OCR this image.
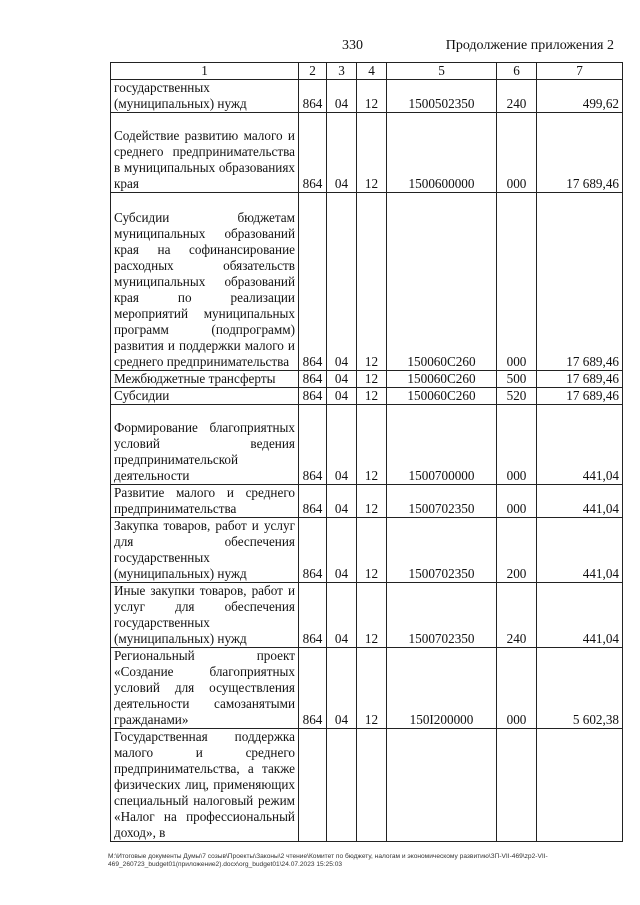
330	Продолжение приложения 2
1	2	3	4	5	6	7
государственных (муниципальных) нужд	864	04	12	1500502350	240	499,62
Содействие развитию малого и среднего предпринимательства в муниципальных образованиях края	864	04	12	1500600000	000	17 689,46
Субсидии бюджетам муниципальных образований края на софинансирование расходных обязательств муниципальных образований края по реализации мероприятий муниципальных программ (подпрограмм) развития и поддержки малого и среднего предпринимательства	864	04	12	150060С260	000	17 689,46
Межбюджетные трансферты	864	04	12	150060С260	500	17 689,46
Субсидии	864	04	12	150060С260	520	17 689,46
Формирование благоприятных условий ведения предпринимательской деятельности	864	04	12	1500700000	000	441,04
Развитие малого и среднего предпринимательства	864	04	12	1500702350	000	441,04
Закупка товаров, работ и услуг для обеспечения государственных (муниципальных) нужд	864	04	12	1500702350	200	441,04
Иные закупки товаров, работ и услуг для обеспечения государственных (муниципальных) нужд	864	04	12	1500702350	240	441,04
Региональный проект «Создание благоприятных условий для осуществления деятельности самозанятыми гражданами»	864	04	12	150I200000	000	5 602,38
Государственная поддержка малого и среднего предпринимательства, а также физических лиц, применяющих специальный налоговый режим «Налог на профессиональный доход», в						
М:\Итоговые документы Думы\7 созыв\Проекты\Законы\2 чтение\Комитет по бюджету, налогам и экономическому развитию\ЗП-VII-469\zp2-VII-469_260723_budget01(приложение2).docx\org_budget01\24.07.2023 15:25:03
